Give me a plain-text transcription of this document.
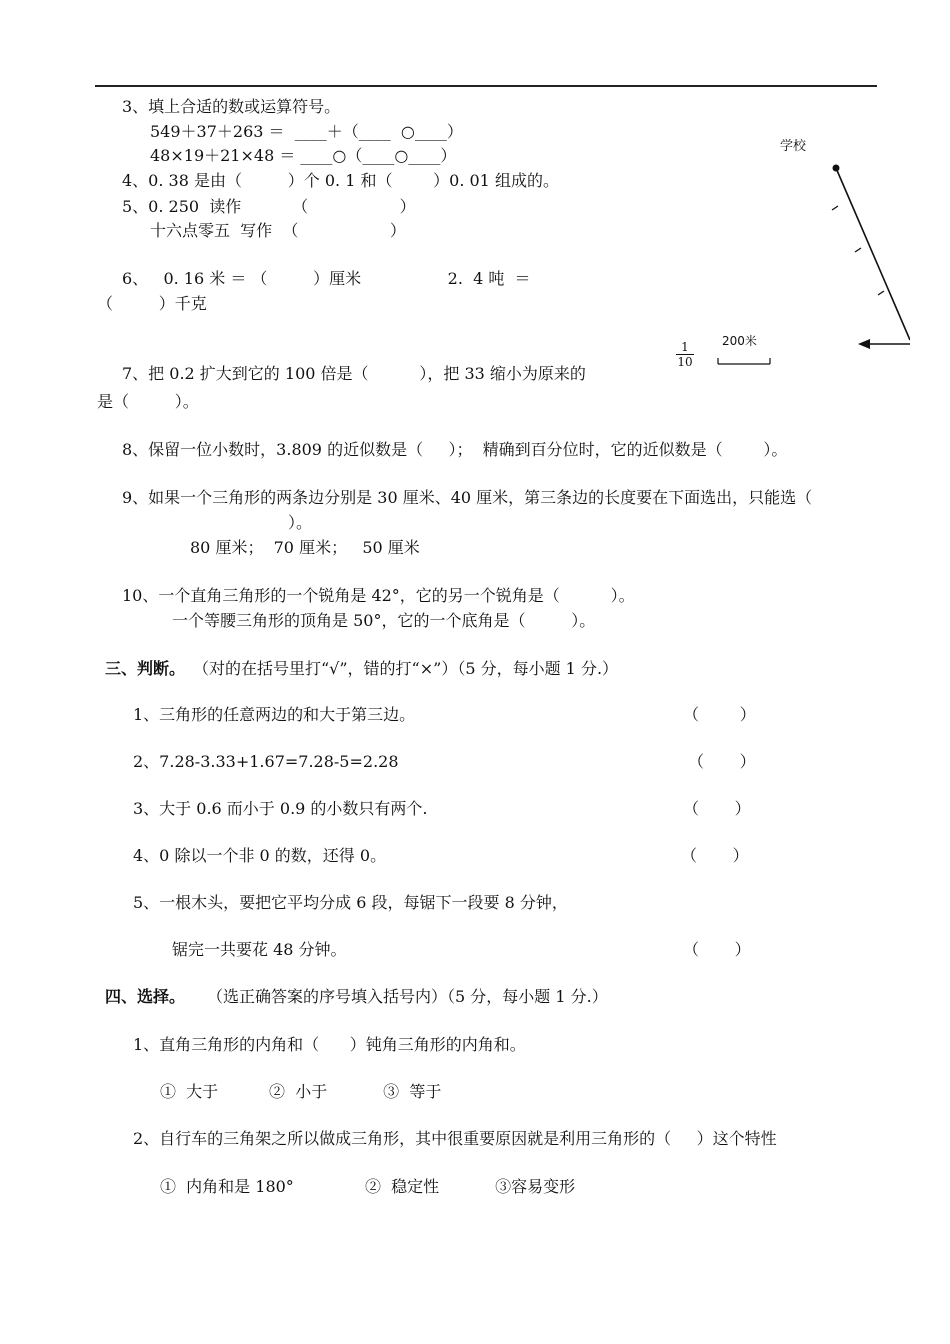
3、填上合适的数或运算符号。
549＋37＋263 ＝  ____＋（____  ○____）
48×19＋21×48 ＝ ____○（____○____）
4、0. 38 是由（         ）个 0. 1 和（        ）0. 01 组成的。
5、0. 250  读作          （                  ）
十六点零五  写作  （                  ）
6、   0. 16 米 ＝ （         ）厘米                 2.  4 吨  ＝
（         ）千克
7、把 0.2 扩大到它的 100 倍是（          ），把 33 缩小为原来的
是（         ）。
8、保留一位小数时，3.809 的近似数是（     ）；  精确到百分位时，它的近似数是（        ）。
9、如果一个三角形的两条边分别是 30 厘米、40 厘米，第三条边的长度要在下面选出，只能选（
）。
80 厘米；  70 厘米；   50 厘米
10、一个直角三角形的一个锐角是 42°，它的另一个锐角是（          ）。
一个等腰三角形的顶角是 50°，它的一个底角是（         ）。
三、判断。 （对的在括号里打“√”，错的打“×”）（5 分，每小题 1 分.）
1、三角形的任意两边的和大于第三边。	（        ）
2、7.28-3.33+1.67=7.28-5=2.28	（       ）
3、大于 0.6 而小于 0.9 的小数只有两个.	（       ）
4、0 除以一个非 0 的数，还得 0。	（       ）
5、一根木头，要把它平均分成 6 段，每锯下一段要 8 分钟，
锯完一共要花 48 分钟。	（       ）
四、选择。 （选正确答案的序号填入括号内）（5 分，每小题 1 分.）
1、直角三角形的内角和（      ）钝角三角形的内角和。
①  大于          ②  小于           ③  等于
2、自行车的三角架之所以做成三角形，其中很重要原因就是利用三角形的（     ）这个特性
①  内角和是 180°              ②  稳定性           ③容易变形
$\frac{1}{10}$
学校
200米
